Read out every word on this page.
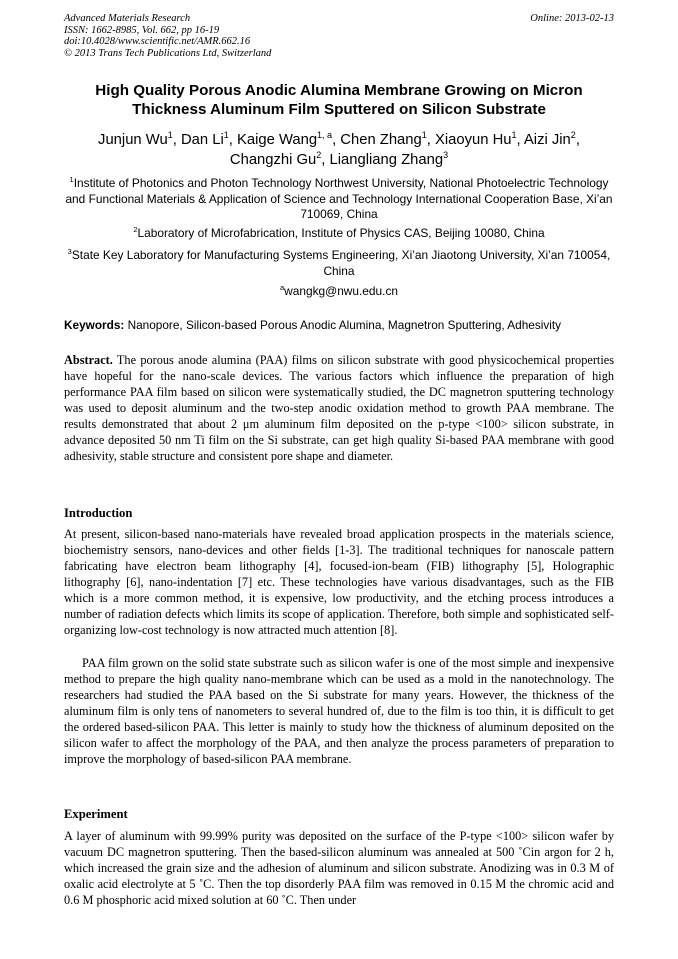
Advanced Materials Research
ISSN: 1662-8985, Vol. 662, pp 16-19
doi:10.4028/www.scientific.net/AMR.662.16
© 2013 Trans Tech Publications Ltd, Switzerland
Online: 2013-02-13
High Quality Porous Anodic Alumina Membrane Growing on Micron
Thickness Aluminum Film Sputtered on Silicon Substrate
Junjun Wu$^1$, Dan Li$^1$, Kaige Wang$^{1, a}$, Chen Zhang$^1$, Xiaoyun Hu$^1$, Aizi Jin$^2$,
Changzhi Gu$^2$, Liangliang Zhang$^3$
$^1$Institute of Photonics and Photon Technology Northwest University, National Photoelectric Technology and Functional Materials & Application of Science and Technology International Cooperation Base, Xi’an 710069, China
$^2$Laboratory of Microfabrication, Institute of Physics CAS, Beijing 10080, China
$^3$State Key Laboratory for Manufacturing Systems Engineering, Xi’an Jiaotong University, Xi’an 710054, China
$^a$wangkg@nwu.edu.cn
Keywords: Nanopore, Silicon-based Porous Anodic Alumina, Magnetron Sputtering, Adhesivity
Abstract. The porous anode alumina (PAA) films on silicon substrate with good physicochemical properties have hopeful for the nano-scale devices. The various factors which influence the preparation of high performance PAA film based on silicon were systematically studied, the DC magnetron sputtering technology was used to deposit aluminum and the two-step anodic oxidation method to growth PAA membrane. The results demonstrated that about 2 μm aluminum film deposited on the p-type <100> silicon substrate, in advance deposited 50 nm Ti film on the Si substrate, can get high quality Si-based PAA membrane with good adhesivity, stable structure and consistent pore shape and diameter.
Introduction
At present, silicon-based nano-materials have revealed broad application prospects in the materials science, biochemistry sensors, nano-devices and other fields [1-3]. The traditional techniques for nanoscale pattern fabricating have electron beam lithography [4], focused-ion-beam (FIB) lithography [5], Holographic lithography [6], nano-indentation [7] etc. These technologies have various disadvantages, such as the FIB which is a more common method, it is expensive, low productivity, and the etching process introduces a number of radiation defects which limits its scope of application. Therefore, both simple and sophisticated self-organizing low-cost technology is now attracted much attention [8].
PAA film grown on the solid state substrate such as silicon wafer is one of the most simple and inexpensive method to prepare the high quality nano-membrane which can be used as a mold in the nanotechnology. The researchers had studied the PAA based on the Si substrate for many years. However, the thickness of the aluminum film is only tens of nanometers to several hundred of, due to the film is too thin, it is difficult to get the ordered based-silicon PAA. This letter is mainly to study how the thickness of aluminum deposited on the silicon wafer to affect the morphology of the PAA, and then analyze the process parameters of preparation to improve the morphology of based-silicon PAA membrane.
Experiment
A layer of aluminum with 99.99% purity was deposited on the surface of the P-type <100> silicon wafer by vacuum DC magnetron sputtering. Then the based-silicon aluminum was annealed at 500 ˚Cin argon for 2 h, which increased the grain size and the adhesion of aluminum and silicon substrate. Anodizing was in 0.3 M of oxalic acid electrolyte at 5 ˚C. Then the top disorderly PAA film was removed in 0.15 M the chromic acid and 0.6 M phosphoric acid mixed solution at 60 ˚C. Then under
